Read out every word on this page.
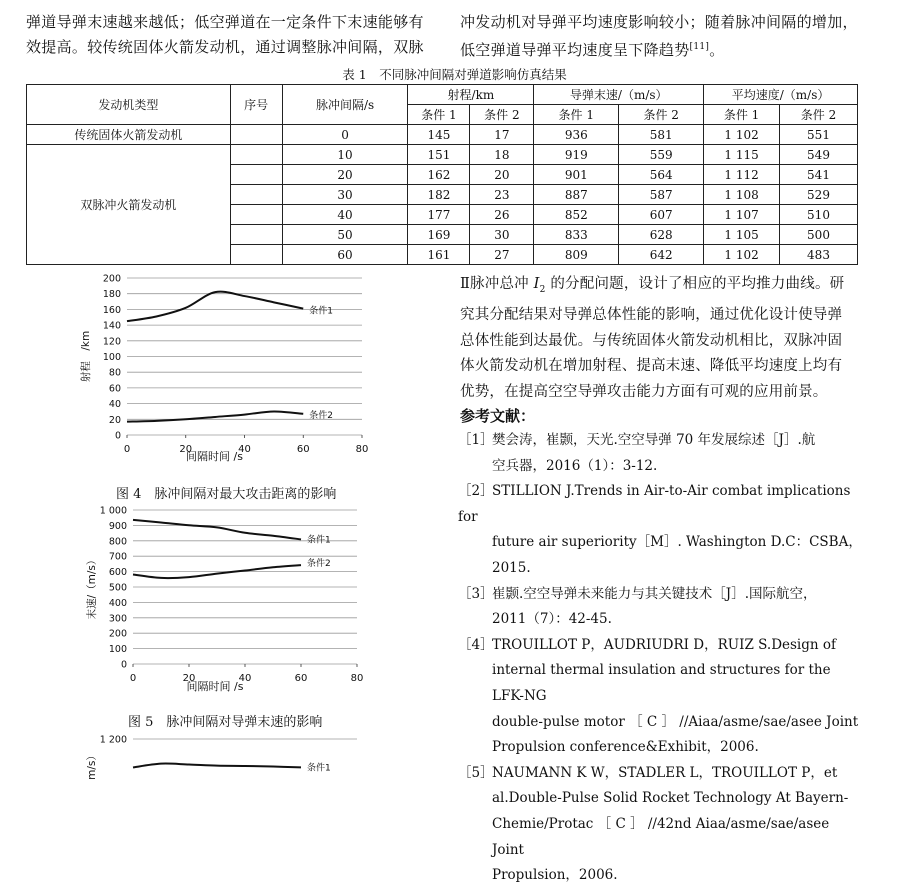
弹道导弹末速越来越低；低空弹道在一定条件下末速能够有
效提高。较传统固体火箭发动机，通过调整脉冲间隔，双脉
冲发动机对导弹平均速度影响较小；随着脉冲间隔的增加，
低空弹道导弹平均速度呈下降趋势[11]。
表 1　不同脉冲间隔对弹道影响仿真结果
发动机类型	序号	脉冲间隔/s	射程/km		导弹末速/（m/s）		平均速度/（m/s）	
			条件 1	条件 2	条件 1	条件 2	条件 1	条件 2
传统固体火箭发动机		0	145	17	936	581	1 102	551
双脉冲火箭发动机		10	151	18	919	559	1 115	549
		20	162	20	901	564	1 112	541
		30	182	23	887	587	1 108	529
		40	177	26	852	607	1 107	510
		50	169	30	833	628	1 105	500
		60	161	27	809	642	1 102	483
0
20
40
60
80
100
120
140
160
180
200
0	20	40	60	80
间隔时间 /s
射程　/km
条件1
条件2
0
100
200
300
400
500
600
700
800
900
1 000
0	20	40	60	80
间隔时间 /s
末速/（m/s）
条件1
条件2
1 200
m/s）	条件1
图 4　脉冲间隔对最大攻击距离的影响
图 5　脉冲间隔对导弹末速的影响
Ⅱ脉冲总冲 $I_2$ 的分配问题，设计了相应的平均推力曲线。研
究其分配结果对导弹总体性能的影响，通过优化设计使导弹
总体性能到达最优。与传统固体火箭发动机相比，双脉冲固
体火箭发动机在增加射程、提高末速、降低平均速度上均有
优势，在提高空空导弹攻击能力方面有可观的应用前景。
参考文献：
［1］樊会涛，崔颢，天光.空空导弹 70 年发展综述［J］.航
空兵器，2016（1）：3-12.
［2］STILLION J.Trends in Air-to-Air combat implications for
future air superiority［M］. Washington D.C：CSBA，2015.
［3］崔颢.空空导弹未来能力与其关键技术［J］.国际航空，
2011（7）：42-45.
［4］TROUILLOT P，AUDRIUDRI D，RUIZ S.Design of
internal thermal insulation and structures for the LFK-NG
double-pulse motor ［ C ］ //Aiaa/asme/sae/asee Joint
Propulsion conference&Exhibit，2006.
［5］NAUMANN K W，STADLER L，TROUILLOT P，et
al.Double-Pulse Solid Rocket Technology At Bayern-
Chemie/Protac ［ C ］ //42nd Aiaa/asme/sae/asee Joint
Propulsion，2006.
